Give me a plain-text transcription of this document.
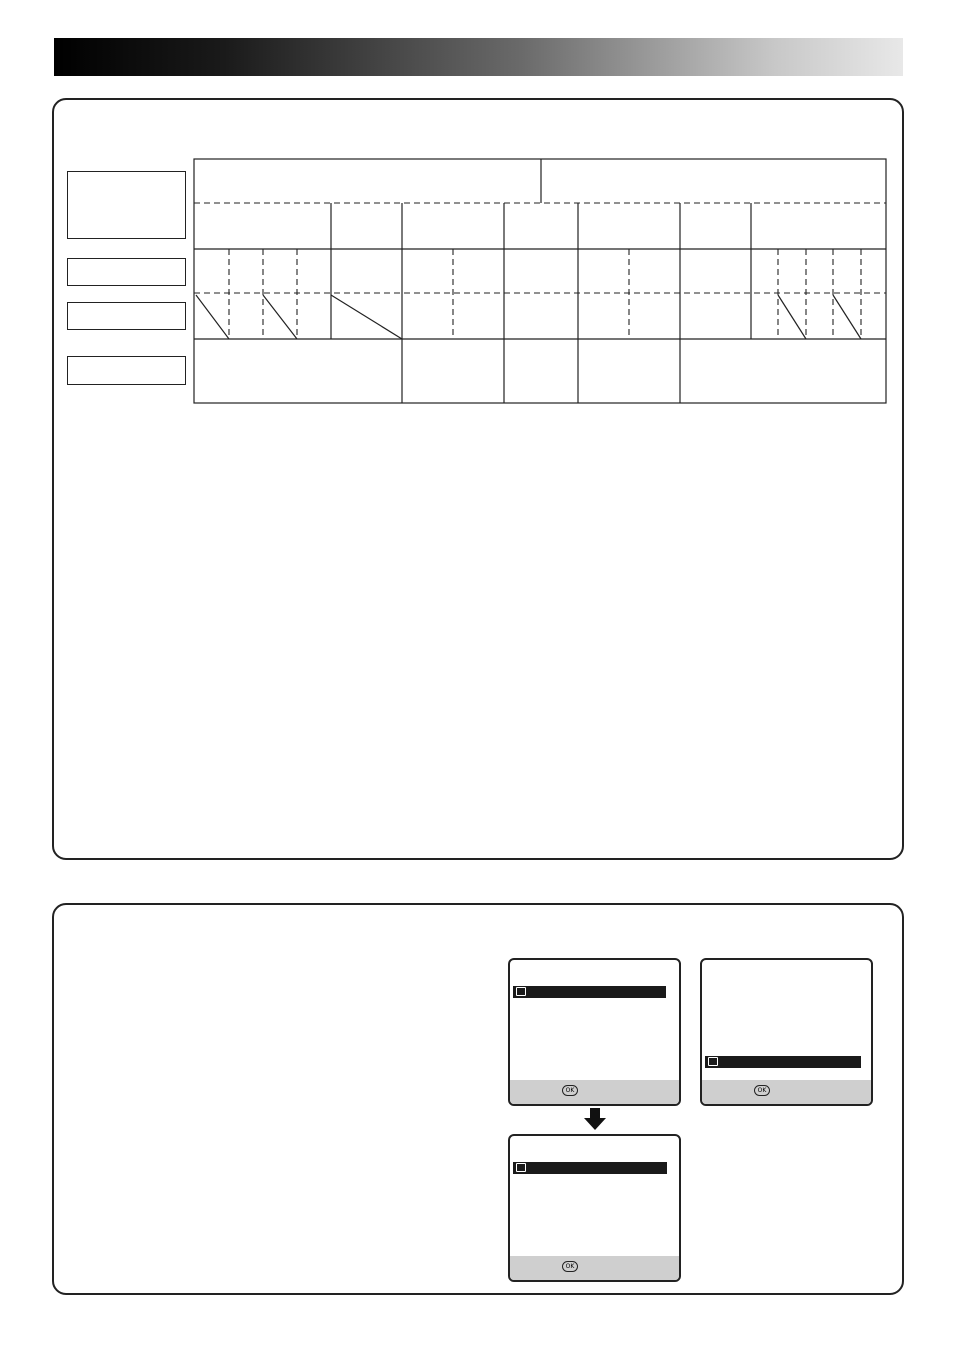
OK	OK
OK
